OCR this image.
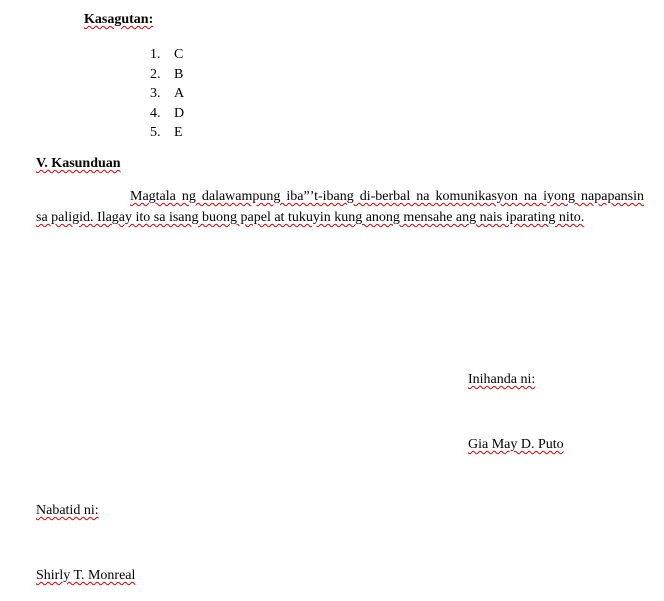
Kasagutan:
1. C
2. B
3. A
4. D
5. E
V. Kasunduan
Magtala ng dalawampung iba”’t-ibang di-berbal na komunikasyon na iyong napapansin
sa paligid. Ilagay ito sa isang buong papel at tukuyin kung anong mensahe ang nais iparating nito.
Inihanda ni:
Gia May D. Puto
Nabatid ni:
Shirly T. Monreal
